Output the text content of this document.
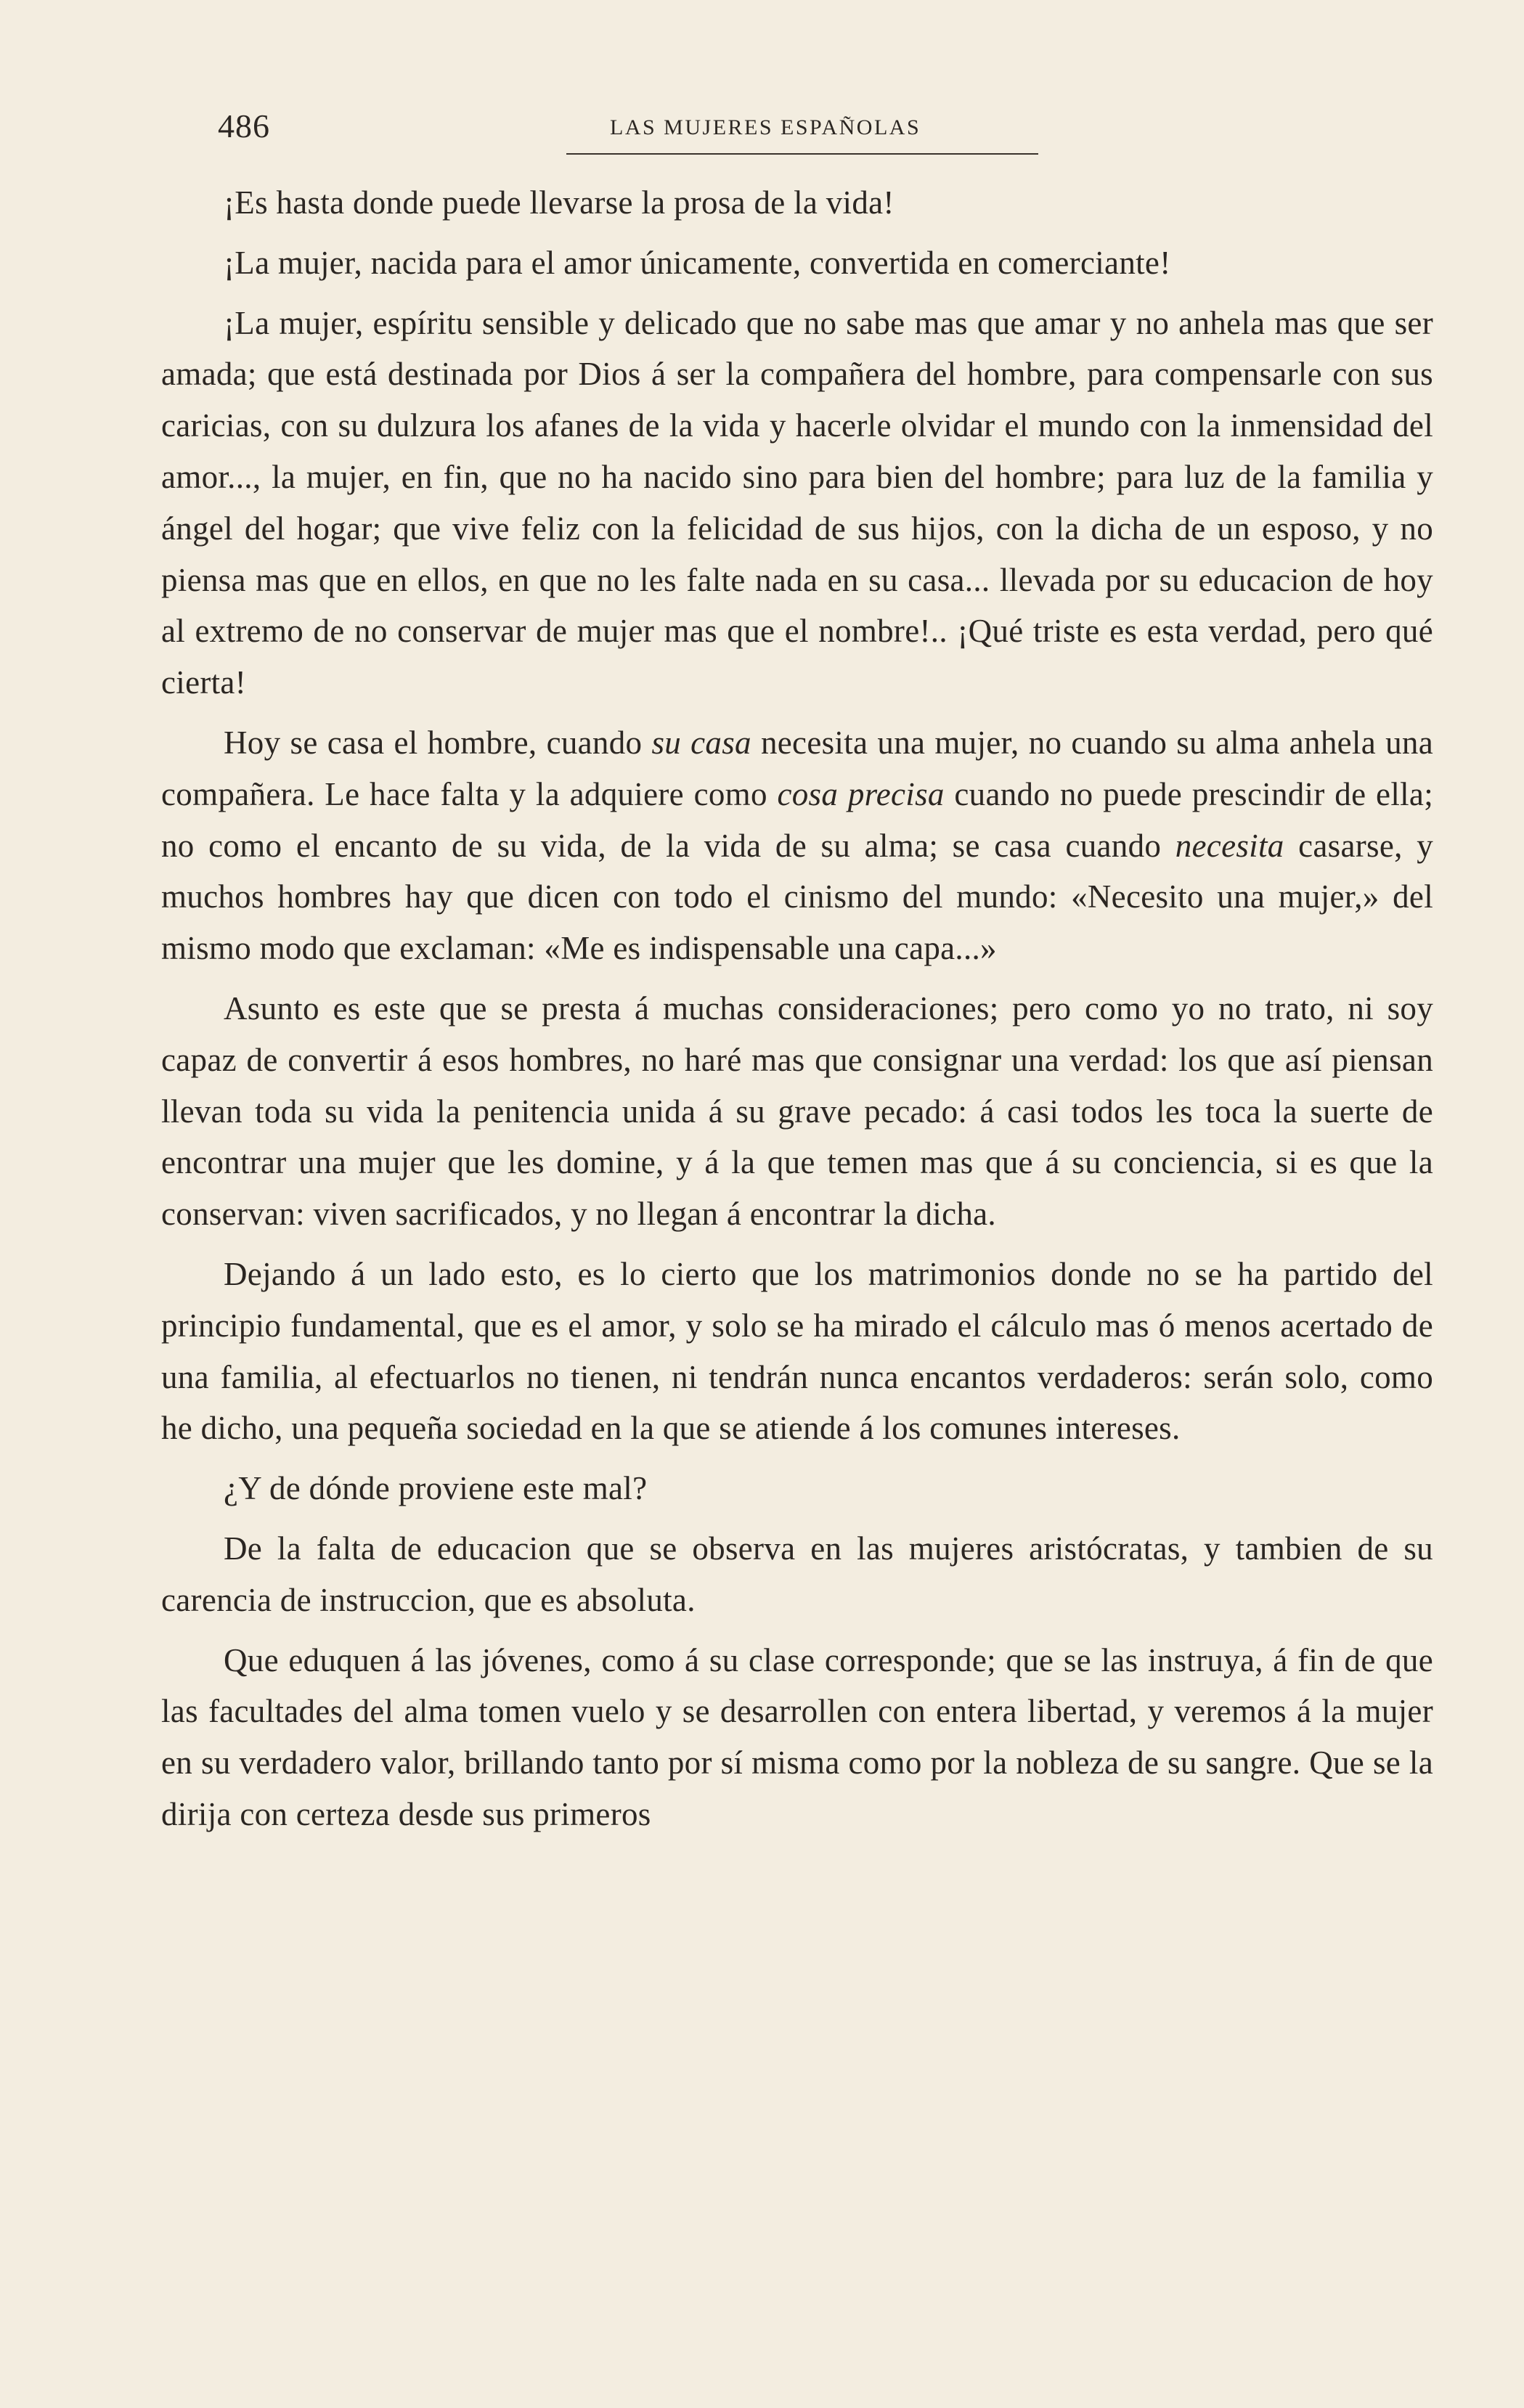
486	LAS MUJERES ESPAÑOLAS

¡Es hasta donde puede llevarse la prosa de la vida!

¡La mujer, nacida para el amor únicamente, convertida en comerciante!

¡La mujer, espíritu sensible y delicado que no sabe mas que amar y no anhela mas que ser amada; que está destinada por Dios á ser la compañera del hombre, para compensarle con sus caricias, con su dulzura los afanes de la vida y hacerle olvidar el mundo con la inmensidad del amor..., la mujer, en fin, que no ha nacido sino para bien del hombre; para luz de la familia y ángel del hogar; que vive feliz con la felicidad de sus hijos, con la dicha de un esposo, y no piensa mas que en ellos, en que no les falte nada en su casa... llevada por su educacion de hoy al extremo de no conservar de mujer mas que el nombre!.. ¡Qué triste es esta verdad, pero qué cierta!

Hoy se casa el hombre, cuando su casa necesita una mujer, no cuando su alma anhela una compañera. Le hace falta y la adquiere como cosa precisa cuando no puede prescindir de ella; no como el encanto de su vida, de la vida de su alma; se casa cuando necesita casarse, y muchos hombres hay que dicen con todo el cinismo del mundo: «Necesito una mujer,» del mismo modo que exclaman: «Me es indispensable una capa...»

Asunto es este que se presta á muchas consideraciones; pero como yo no trato, ni soy capaz de convertir á esos hombres, no haré mas que consignar una verdad: los que así piensan llevan toda su vida la penitencia unida á su grave pecado: á casi todos les toca la suerte de encontrar una mujer que les domine, y á la que temen mas que á su conciencia, si es que la conservan: viven sacrificados, y no llegan á encontrar la dicha.

Dejando á un lado esto, es lo cierto que los matrimonios donde no se ha partido del principio fundamental, que es el amor, y solo se ha mirado el cálculo mas ó menos acertado de una familia, al efectuarlos no tienen, ni tendrán nunca encantos verdaderos: serán solo, como he dicho, una pequeña sociedad en la que se atiende á los comunes intereses.

¿Y de dónde proviene este mal?

De la falta de educacion que se observa en las mujeres aristócratas, y tambien de su carencia de instruccion, que es absoluta.

Que eduquen á las jóvenes, como á su clase corresponde; que se las instruya, á fin de que las facultades del alma tomen vuelo y se desarrollen con entera libertad, y veremos á la mujer en su verdadero valor, brillando tanto por sí misma como por la nobleza de su sangre. Que se la dirija con certeza desde sus primeros
